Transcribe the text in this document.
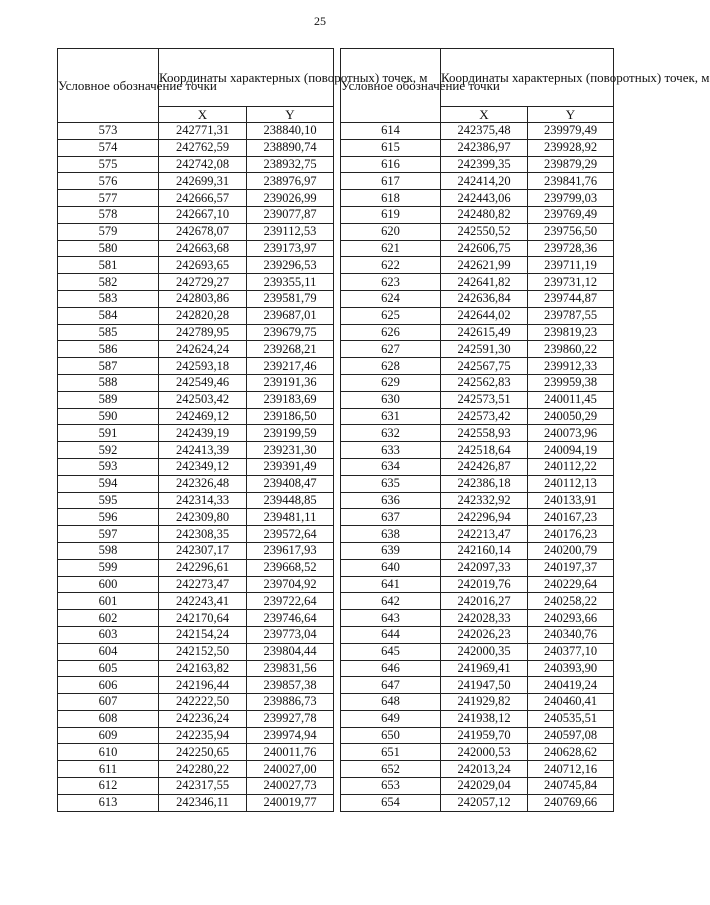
25
Условное обозначение точки	Координаты характерных (поворотных) точек, м	
	X	Y
573	242771,31	238840,10
574	242762,59	238890,74
575	242742,08	238932,75
576	242699,31	238976,97
577	242666,57	239026,99
578	242667,10	239077,87
579	242678,07	239112,53
580	242663,68	239173,97
581	242693,65	239296,53
582	242729,27	239355,11
583	242803,86	239581,79
584	242820,28	239687,01
585	242789,95	239679,75
586	242624,24	239268,21
587	242593,18	239217,46
588	242549,46	239191,36
589	242503,42	239183,69
590	242469,12	239186,50
591	242439,19	239199,59
592	242413,39	239231,30
593	242349,12	239391,49
594	242326,48	239408,47
595	242314,33	239448,85
596	242309,80	239481,11
597	242308,35	239572,64
598	242307,17	239617,93
599	242296,61	239668,52
600	242273,47	239704,92
601	242243,41	239722,64
602	242170,64	239746,64
603	242154,24	239773,04
604	242152,50	239804,44
605	242163,82	239831,56
606	242196,44	239857,38
607	242222,50	239886,73
608	242236,24	239927,78
609	242235,94	239974,94
610	242250,65	240011,76
611	242280,22	240027,00
612	242317,55	240027,73
613	242346,11	240019,77
Условное обозначение точки	Координаты характерных (поворотных) точек, м	
	X	Y
614	242375,48	239979,49
615	242386,97	239928,92
616	242399,35	239879,29
617	242414,20	239841,76
618	242443,06	239799,03
619	242480,82	239769,49
620	242550,52	239756,50
621	242606,75	239728,36
622	242621,99	239711,19
623	242641,82	239731,12
624	242636,84	239744,87
625	242644,02	239787,55
626	242615,49	239819,23
627	242591,30	239860,22
628	242567,75	239912,33
629	242562,83	239959,38
630	242573,51	240011,45
631	242573,42	240050,29
632	242558,93	240073,96
633	242518,64	240094,19
634	242426,87	240112,22
635	242386,18	240112,13
636	242332,92	240133,91
637	242296,94	240167,23
638	242213,47	240176,23
639	242160,14	240200,79
640	242097,33	240197,37
641	242019,76	240229,64
642	242016,27	240258,22
643	242028,33	240293,66
644	242026,23	240340,76
645	242000,35	240377,10
646	241969,41	240393,90
647	241947,50	240419,24
648	241929,82	240460,41
649	241938,12	240535,51
650	241959,70	240597,08
651	242000,53	240628,62
652	242013,24	240712,16
653	242029,04	240745,84
654	242057,12	240769,66
